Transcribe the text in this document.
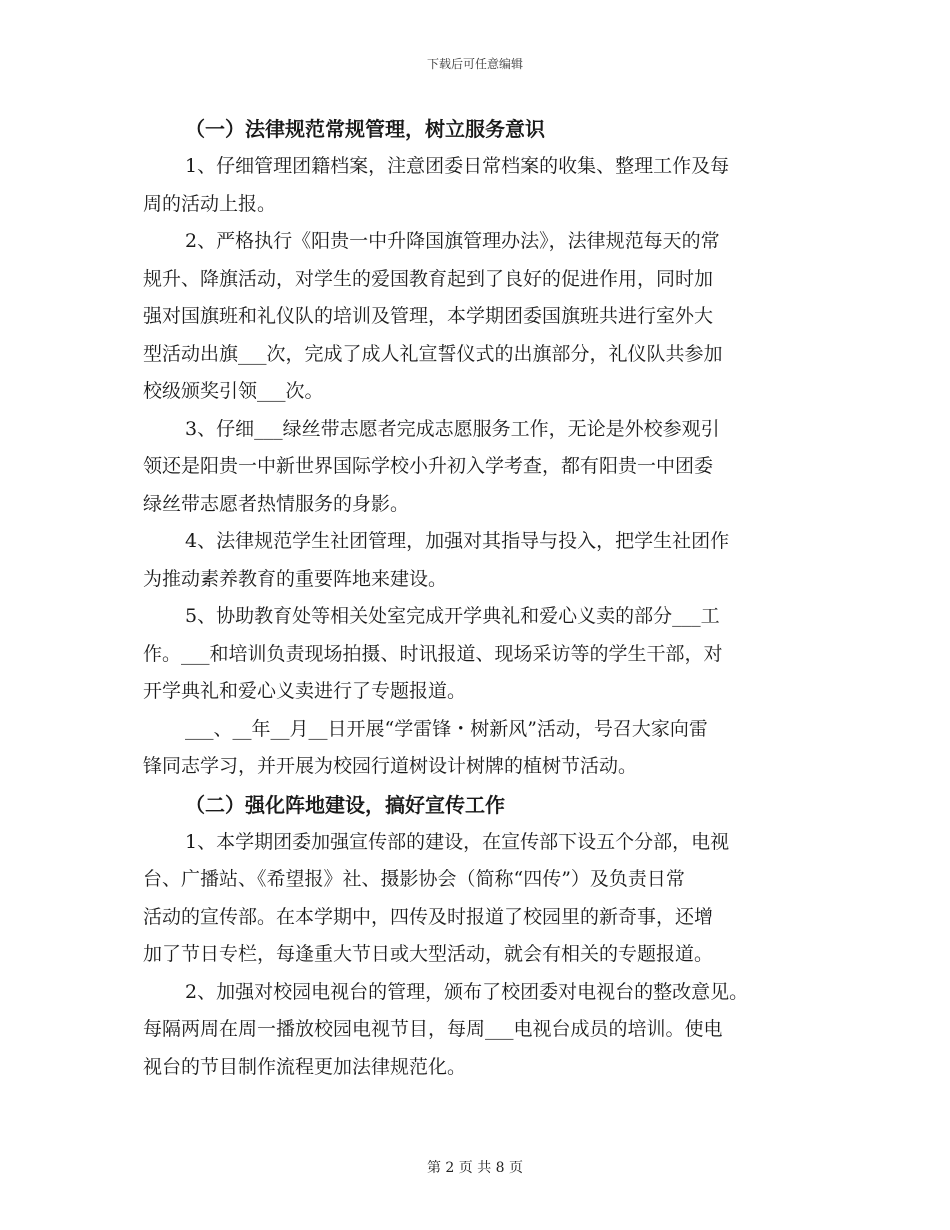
下载后可任意编辑
（一）法律规范常规管理，树立服务意识

1、仔细管理团籍档案，注意团委日常档案的收集、整理工作及每
周的活动上报。

2、严格执行《阳贵一中升降国旗管理办法》，法律规范每天的常
规升、降旗活动，对学生的爱国教育起到了良好的促进作用，同时加
强对国旗班和礼仪队的培训及管理，本学期团委国旗班共进行室外大
型活动出旗___次，完成了成人礼宣誓仪式的出旗部分，礼仪队共参加
校级颁奖引领___次。

3、仔细___绿丝带志愿者完成志愿服务工作，无论是外校参观引
领还是阳贵一中新世界国际学校小升初入学考查，都有阳贵一中团委
绿丝带志愿者热情服务的身影。

4、法律规范学生社团管理，加强对其指导与投入，把学生社团作
为推动素养教育的重要阵地来建设。

5、协助教育处等相关处室完成开学典礼和爱心义卖的部分___工
作。___和培训负责现场拍摄、时讯报道、现场采访等的学生干部，对
开学典礼和爱心义卖进行了专题报道。

___、__年__月__日开展“学雷锋・树新风”活动，号召大家向雷
锋同志学习，并开展为校园行道树设计树牌的植树节活动。

（二）强化阵地建设，搞好宣传工作

1、本学期团委加强宣传部的建设，在宣传部下设五个分部，电视
台、广播站、《希望报》社、摄影协会（简称“四传”）及负责日常
活动的宣传部。在本学期中，四传及时报道了校园里的新奇事，还增
加了节日专栏，每逢重大节日或大型活动，就会有相关的专题报道。

2、加强对校园电视台的管理，颁布了校团委对电视台的整改意见。
每隔两周在周一播放校园电视节目，每周___电视台成员的培训。使电
视台的节目制作流程更加法律规范化。

第 2 页 共 8 页
